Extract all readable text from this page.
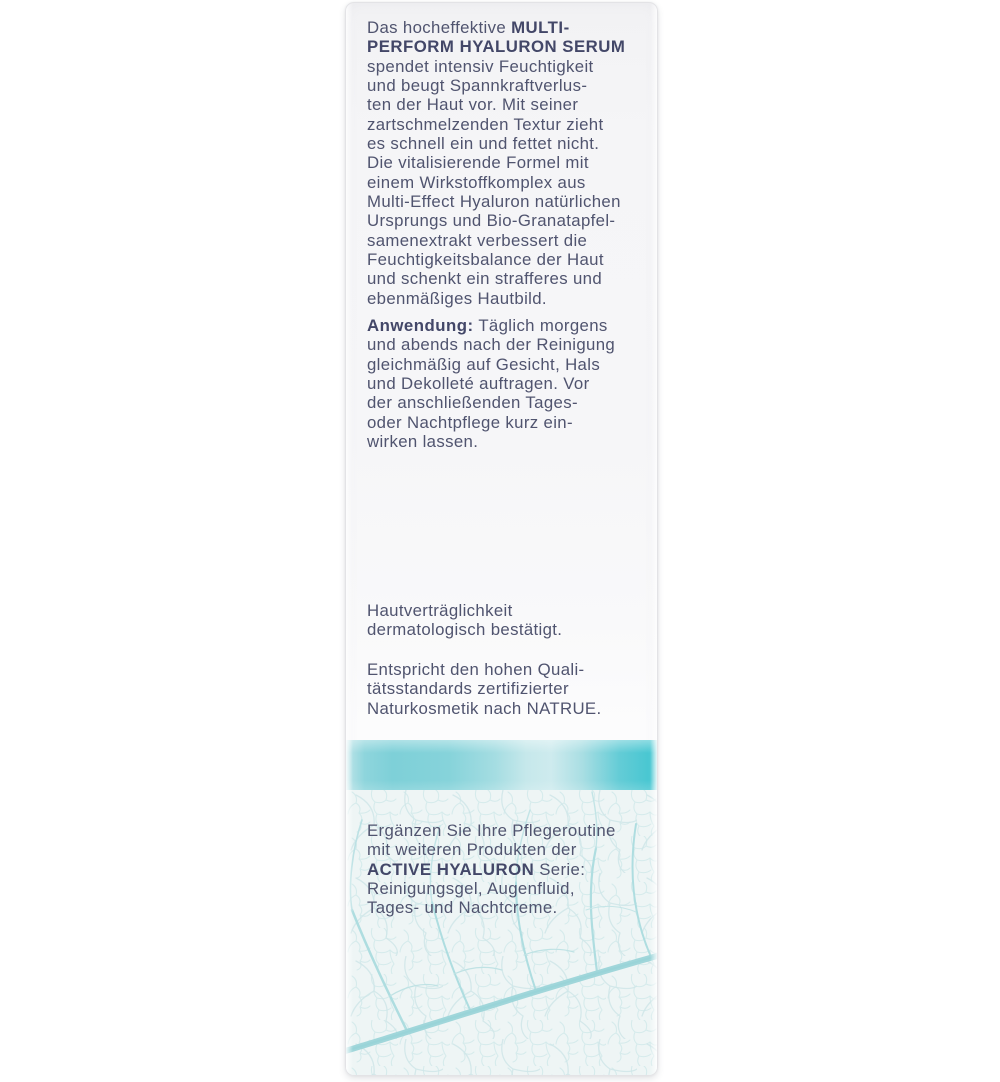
Das hocheffektive MULTI-
PERFORM HYALURON SERUM
spendet intensiv Feuchtigkeit
und beugt Spannkraftverlus-
ten der Haut vor. Mit seiner
zartschmelzenden Textur zieht
es schnell ein und fettet nicht.
Die vitalisierende Formel mit
einem Wirkstoffkomplex aus
Multi-Effect Hyaluron natürlichen
Ursprungs und Bio-Granatapfel-
samenextrakt verbessert die
Feuchtigkeitsbalance der Haut
und schenkt ein strafferes und
ebenmäßiges Hautbild.
Anwendung: Täglich morgens
und abends nach der Reinigung
gleichmäßig auf Gesicht, Hals
und Dekolleté auftragen. Vor
der anschließenden Tages-
oder Nachtpflege kurz ein-
wirken lassen.
Hautverträglichkeit
dermatologisch bestätigt.
Entspricht den hohen Quali-
tätsstandards zertifizierter
Naturkosmetik nach NATRUE.
Ergänzen Sie Ihre Pflegeroutine
mit weiteren Produkten der
ACTIVE HYALURON Serie:
Reinigungsgel, Augenfluid,
Tages- und Nachtcreme.
